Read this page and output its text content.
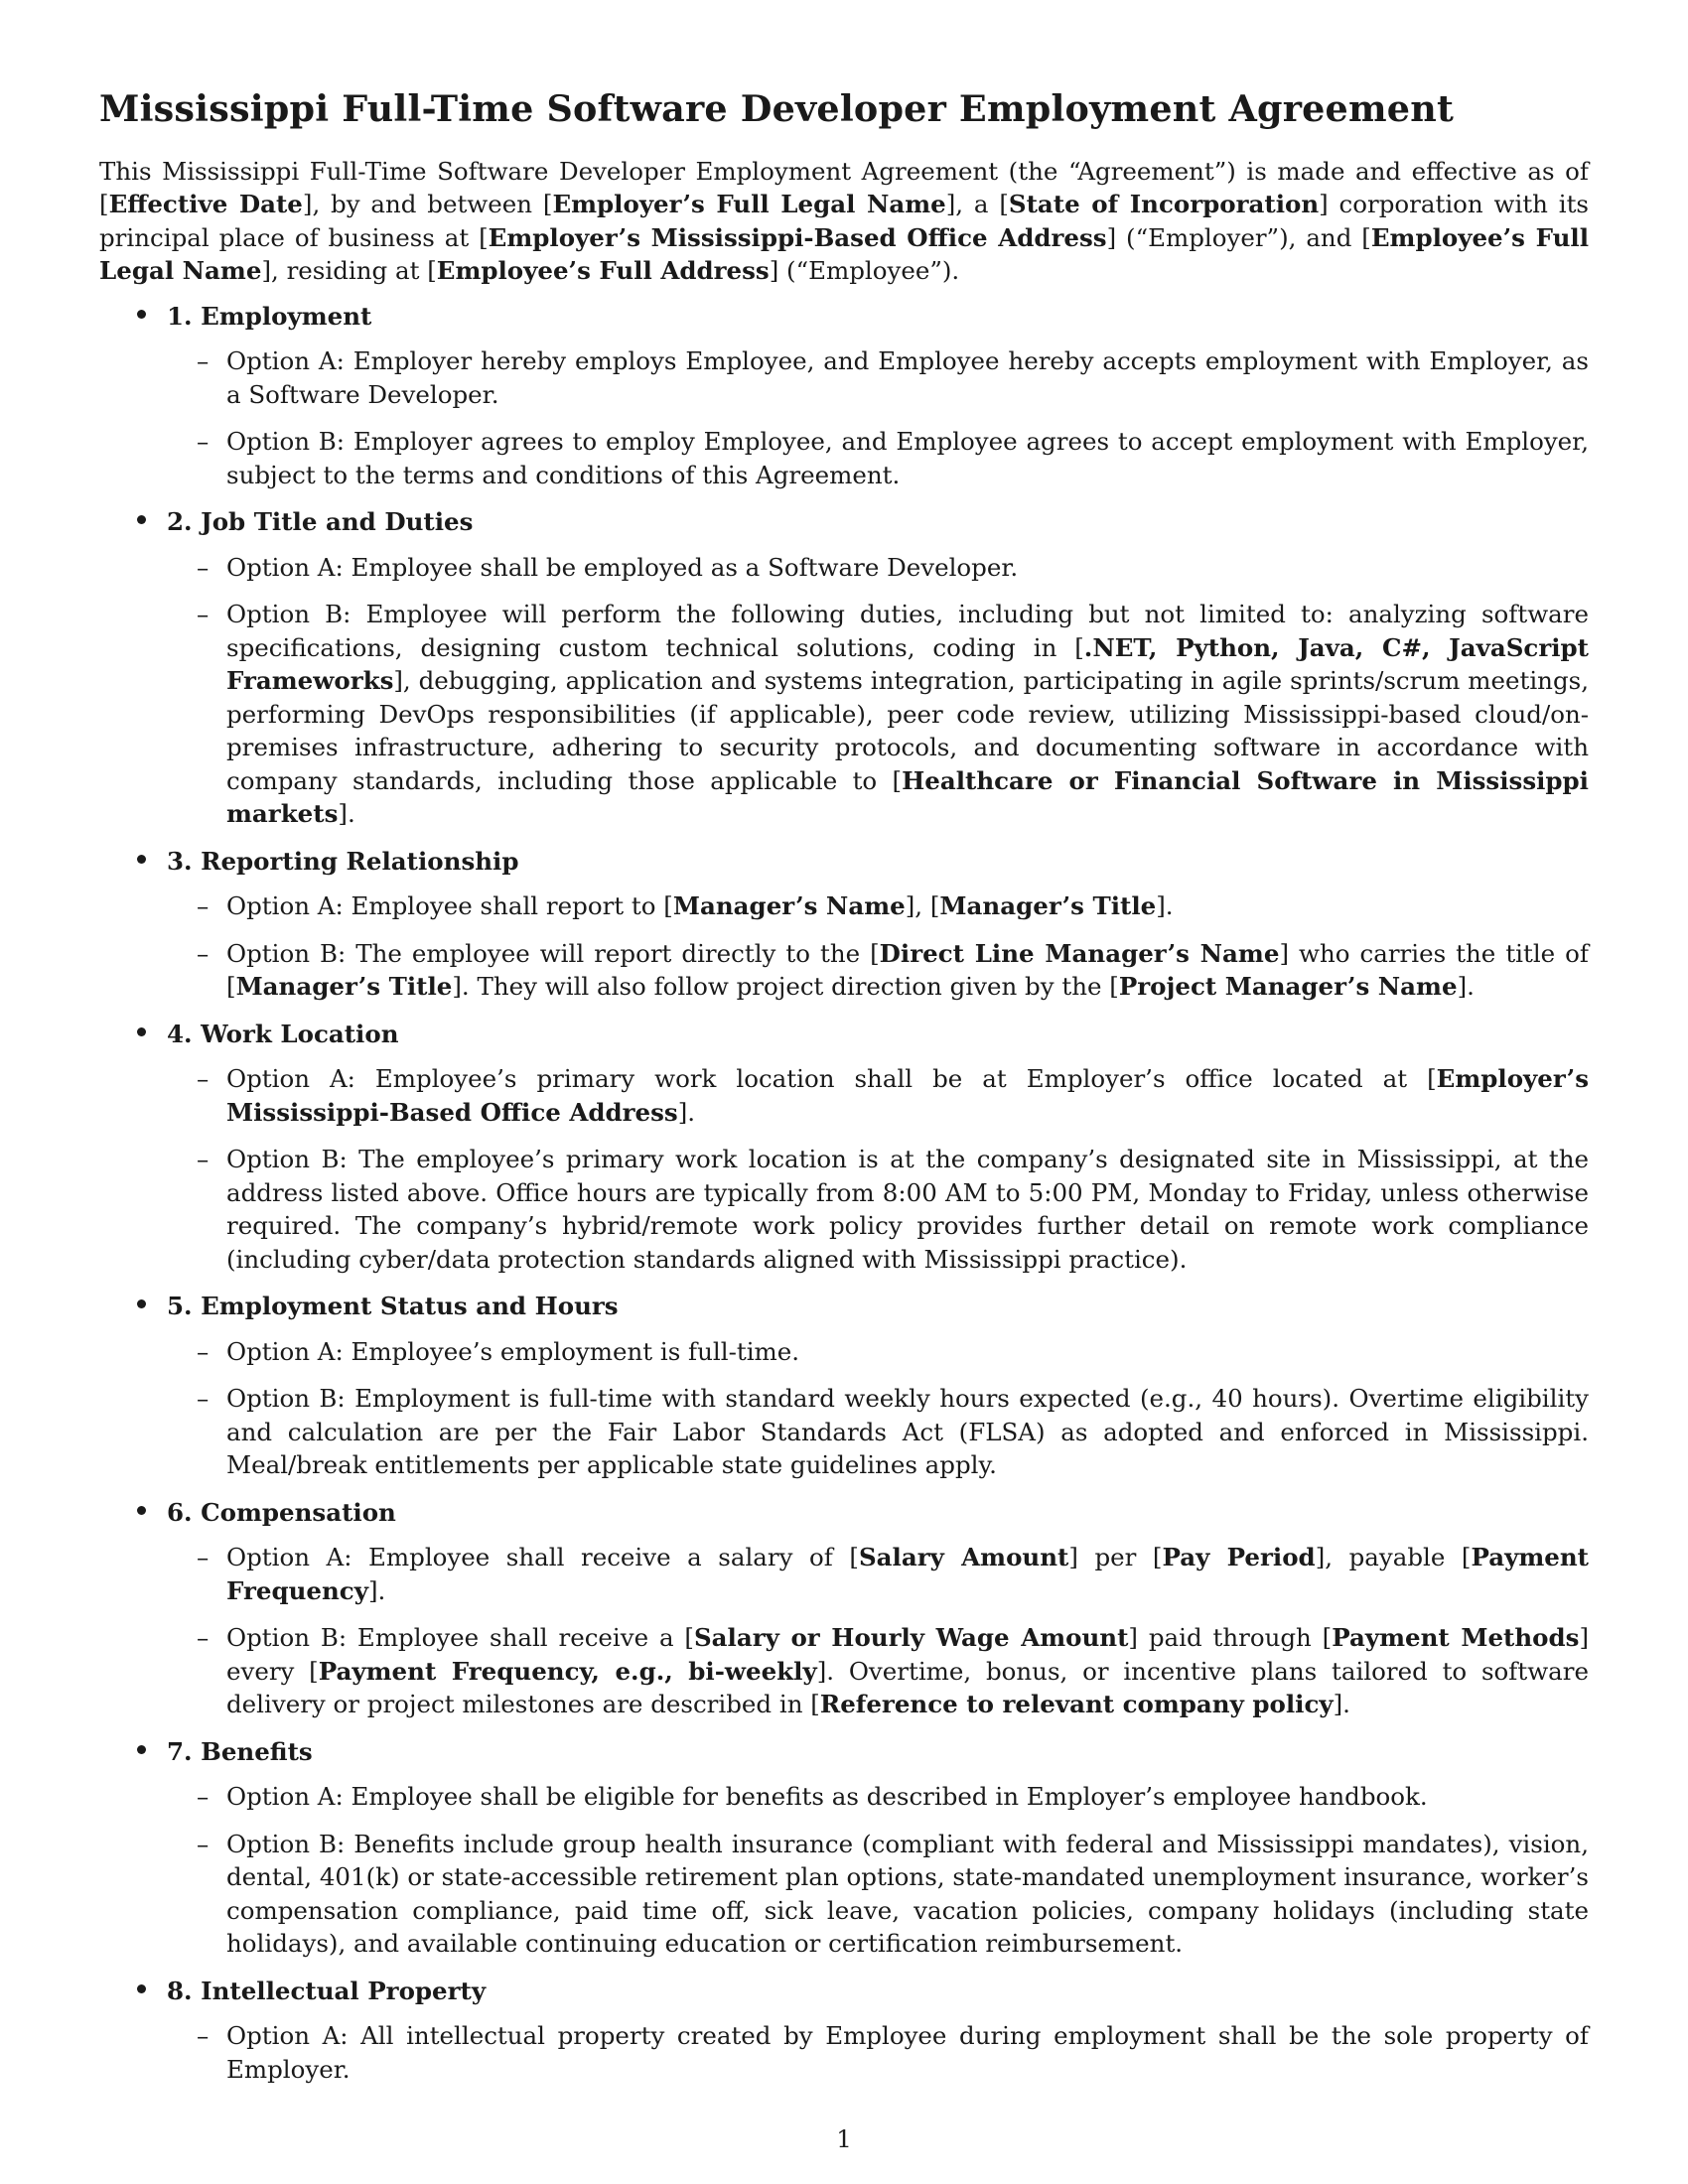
Mississippi Full-Time Software Developer Employment Agreement

This Mississippi Full-Time Software Developer Employment Agreement (the “Agreement”) is made and effective as of [Effective Date], by and between [Employer’s Full Legal Name], a [State of Incorporation] corporation with its principal place of business at [Employer’s Mississippi-Based Office Address] (“Employer”), and [Employee’s Full Legal Name], residing at [Employee’s Full Address] (“Employee”).

1. Employment
– Option A: Employer hereby employs Employee, and Employee hereby accepts employment with Employer, as a Software Developer.
– Option B: Employer agrees to employ Employee, and Employee agrees to accept employment with Employer, subject to the terms and conditions of this Agreement.
2. Job Title and Duties
– Option A: Employee shall be employed as a Software Developer.
– Option B: Employee will perform the following duties, including but not limited to: analyzing software specifications, designing custom technical solutions, coding in [.NET, Python, Java, C#, JavaScript Frameworks], debugging, application and systems integration, participating in agile sprints/scrum meetings, performing DevOps responsibilities (if applicable), peer code review, utilizing Mississippi-based cloud/on-premises infrastructure, adhering to security protocols, and documenting software in accordance with company standards, including those applicable to [Healthcare or Financial Software in Mississippi markets].
3. Reporting Relationship
– Option A: Employee shall report to [Manager’s Name], [Manager’s Title].
– Option B: The employee will report directly to the [Direct Line Manager’s Name] who carries the title of [Manager’s Title]. They will also follow project direction given by the [Project Manager’s Name].
4. Work Location
– Option A: Employee’s primary work location shall be at Employer’s office located at [Employer’s Mississippi-Based Office Address].
– Option B: The employee’s primary work location is at the company’s designated site in Mississippi, at the address listed above. Office hours are typically from 8:00 AM to 5:00 PM, Monday to Friday, unless otherwise required. The company’s hybrid/remote work policy provides further detail on remote work compliance (including cyber/data protection standards aligned with Mississippi practice).
5. Employment Status and Hours
– Option A: Employee’s employment is full-time.
– Option B: Employment is full-time with standard weekly hours expected (e.g., 40 hours). Overtime eligibility and calculation are per the Fair Labor Standards Act (FLSA) as adopted and enforced in Mississippi. Meal/break entitlements per applicable state guidelines apply.
6. Compensation
– Option A: Employee shall receive a salary of [Salary Amount] per [Pay Period], payable [Payment Frequency].
– Option B: Employee shall receive a [Salary or Hourly Wage Amount] paid through [Payment Methods] every [Payment Frequency, e.g., bi-weekly]. Overtime, bonus, or incentive plans tailored to software delivery or project milestones are described in [Reference to relevant company policy].
7. Benefits
– Option A: Employee shall be eligible for benefits as described in Employer’s employee handbook.
– Option B: Benefits include group health insurance (compliant with federal and Mississippi mandates), vision, dental, 401(k) or state-accessible retirement plan options, state-mandated unemployment insurance, worker’s compensation compliance, paid time off, sick leave, vacation policies, company holidays (including state holidays), and available continuing education or certification reimbursement.
8. Intellectual Property
– Option A: All intellectual property created by Employee during employment shall be the sole property of Employer.
1
